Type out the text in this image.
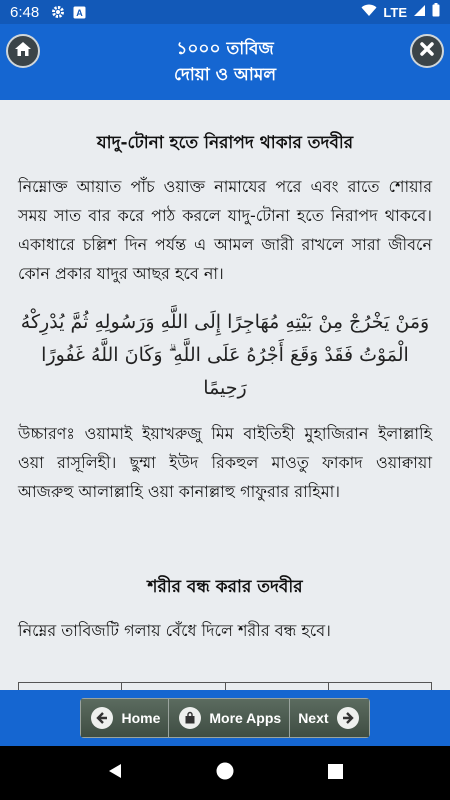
6:48	A	LTE
১০০০ তাবিজ
দোয়া ও আমল
যাদু-টোনা হতে নিরাপদ থাকার তদবীর

নিম্নোক্ত আয়াত পাঁচ ওয়াক্ত নামাযের পরে এবং রাতে শোয়ার সময় সাত বার করে পাঠ করলে যাদু-টোনা হতে নিরাপদ থাকবে। একাধারে চল্লিশ দিন পর্যন্ত এ আমল জারী রাখলে সারা জীবনে কোন প্রকার যাদুর আছর হবে না।

وَمَنْ يَخْرُجْ مِنْ بَيْتِهِ مُهَاجِرًا إِلَى اللَّهِ وَرَسُولِهِ ثُمَّ يُدْرِكْهُ الْمَوْتُ فَقَدْ وَقَعَ أَجْرُهُ عَلَى اللَّهِ ۗ وَكَانَ اللَّهُ غَفُورًا رَحِيمًا

উচ্চারণঃ ওয়ামাই ইয়াখরুজু মিম বাইতিহী মুহাজিরান ইলাল্লাহি ওয়া রাসূলিহী। ছুম্মা ইউদ রিকহুল মাওতু ফাকাদ ওয়াক্বায়া আজরুহু আলাল্লাহি ওয়া কানাল্লাহু গাফুরার রাহিমা।

শরীর বন্ধ করার তদবীর

নিম্নের তাবিজটি গলায় বেঁধে দিলে শরীর বন্ধ হবে।

Home	More Apps Next
